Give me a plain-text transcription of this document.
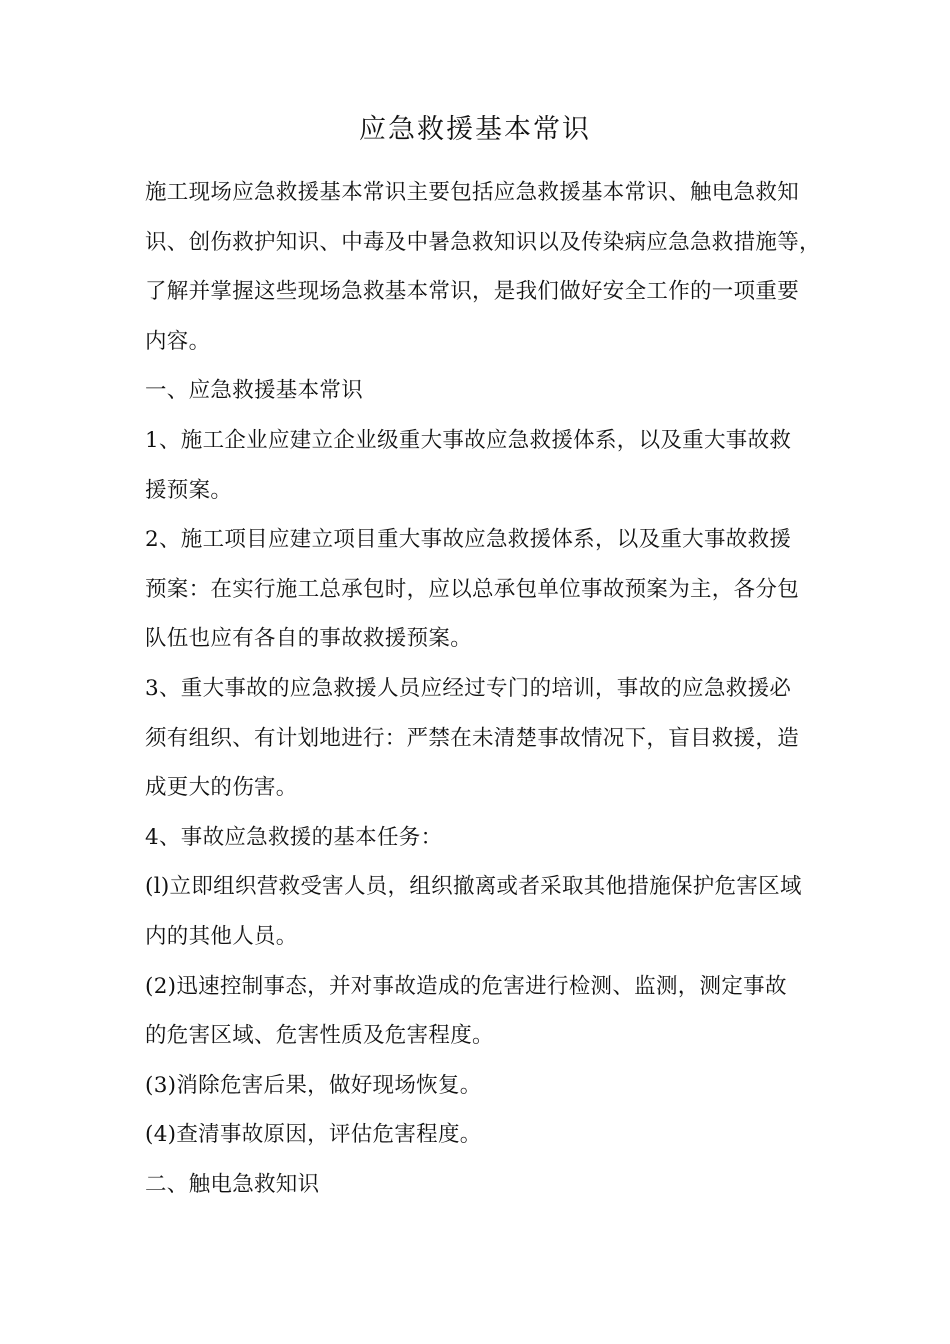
应急救援基本常识
施工现场应急救援基本常识主要包括应急救援基本常识、触电急救知
识、创伤救护知识、中毒及中暑急救知识以及传染病应急急救措施等，
了解并掌握这些现场急救基本常识，是我们做好安全工作的一项重要
内容。
一、应急救援基本常识
1、施工企业应建立企业级重大事故应急救援体系，以及重大事故救
援预案。
2、施工项目应建立项目重大事故应急救援体系，以及重大事故救援
预案：在实行施工总承包时，应以总承包单位事故预案为主，各分包
队伍也应有各自的事故救援预案。
3、重大事故的应急救援人员应经过专门的培训，事故的应急救援必
须有组织、有计划地进行：严禁在未清楚事故情况下，盲目救援，造
成更大的伤害。
4、事故应急救援的基本任务：
(l)立即组织营救受害人员，组织撤离或者采取其他措施保护危害区域
内的其他人员。
(2)迅速控制事态，并对事故造成的危害进行检测、监测，测定事故
的危害区域、危害性质及危害程度。
(3)消除危害后果，做好现场恢复。
(4)查清事故原因，评估危害程度。
二、触电急救知识
